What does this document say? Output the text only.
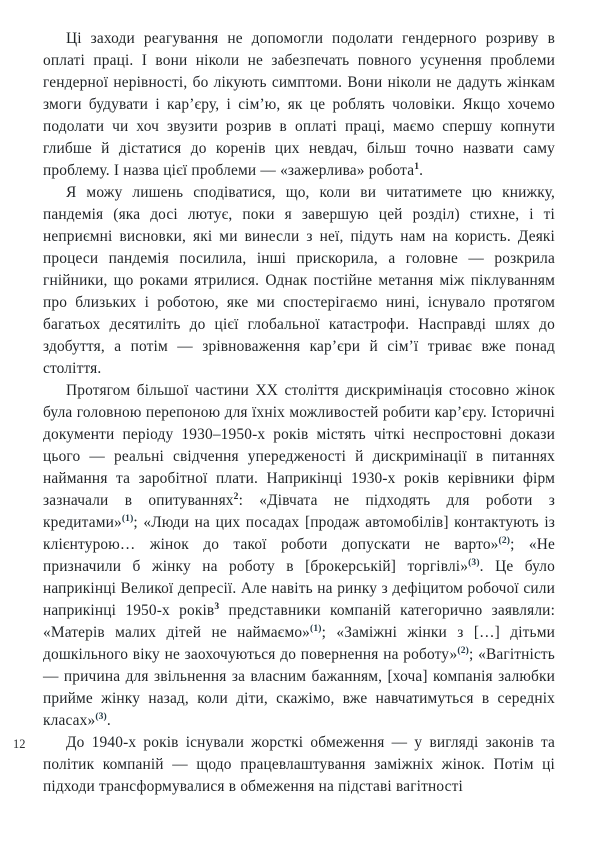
12

Ці заходи реагування не допомогли подолати гендерного розриву в оплаті праці. І вони ніколи не забезпечать повного усунення проблеми гендерної нерівності, бо лікують симптоми. Вони ніколи не дадуть жінкам змоги будувати і кар’єру, і сім’ю, як це роблять чоловіки. Якщо хочемо подолати чи хоч звузити розрив в оплаті праці, маємо спершу копнути глибше й дістатися до коренів цих невдач, більш точно назвати саму проблему. І назва цієї проблеми — «зажерлива» робота$^1$.

Я можу лишень сподіватися, що, коли ви читатимете цю книжку, пандемія (яка досі лютує, поки я завершую цей розділ) стихне, і ті неприємні висновки, які ми винесли з неї, підуть нам на користь. Деякі процеси пандемія посилила, інші прискорила, а головне — розкрила гнійники, що роками ятрилися. Однак постійне метання між піклуванням про близьких і роботою, яке ми спостерігаємо нині, існувало протягом багатьох десятиліть до цієї глобальної катастрофи. Насправді шлях до здобуття, а потім — зрівноваження кар’єри й сім’ї триває вже понад століття.

Протягом більшої частини XX століття дискримінація стосовно жінок була головною перепоною для їхніх можливостей робити кар’єру. Історичні документи періоду 1930–1950-х років містять чіткі неспростовні докази цього — реальні свідчення упередженості й дискримінації в питаннях наймання та заробітної плати. Наприкінці 1930-х років керівники фірм зазначали в опитуваннях$^2$: «Дівчата не підходять для роботи з кредитами»$^{(1)}$; «Люди на цих посадах [продаж автомобілів] контактують із клієнтурою… жінок до такої роботи допускати не варто»$^{(2)}$; «Не призначили б жінку на роботу в [брокерській] торгівлі»$^{(3)}$. Це було наприкінці Великої депресії. Але навіть на ринку з дефіцитом робочої сили наприкінці 1950-х років$^3$ представники компаній категорично заявляли: «Матерів малих дітей не наймаємо»$^{(1)}$; «Заміжні жінки з […] дітьми дошкільного віку не заохочуються до повернення на роботу»$^{(2)}$; «Вагітність — причина для звільнення за власним бажанням, [хоча] компанія залюбки прийме жінку назад, коли діти, скажімо, вже навчатимуться в середніх класах»$^{(3)}$.

До 1940-х років існували жорсткі обмеження — у вигляді законів та політик компаній — щодо працевлаштування заміжніх жінок. Потім ці підходи трансформувалися в обмеження на підставі вагітності
